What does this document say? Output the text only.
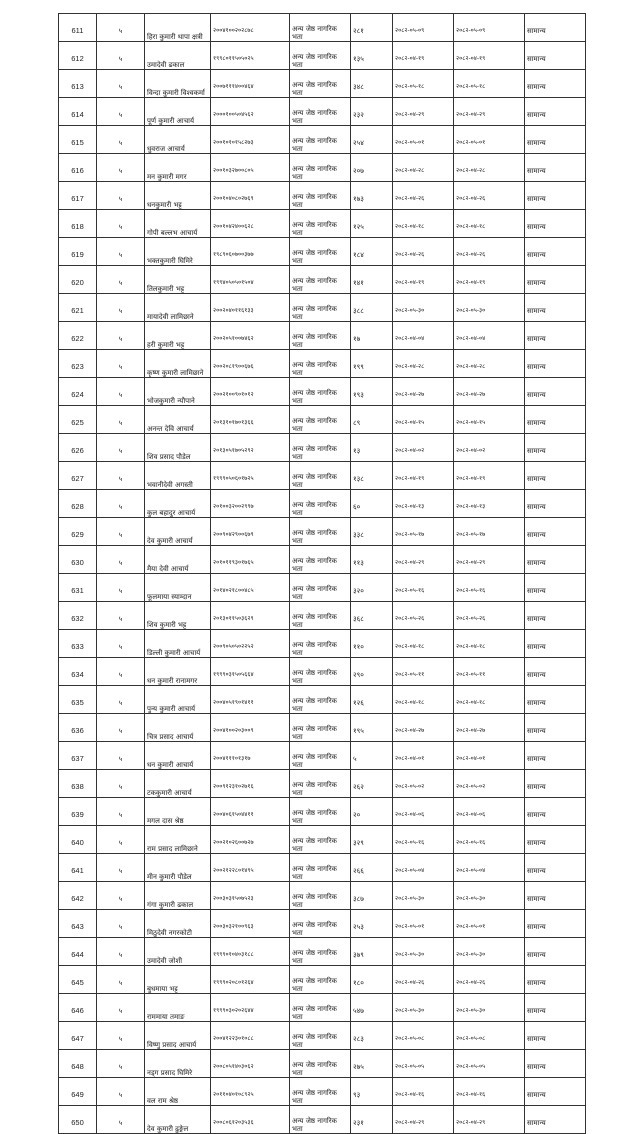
611	५	हिरा कुमारी थापा क्षत्री	२००४१००२०२८७८	अन्य जेष्ठ नागरिक भता	२८१	२०८२-०५-०९	२०८२-०५-०९	सामान्य
612	५	उमादेवी ढकाल	१९९८०११५०५०२५	अन्य जेष्ठ नागरिक भता	१३५	२०८२-०४-१९	२०८२-०४-१९	सामान्य
613	५	विन्दा कुमारी विश्वकर्मा	२००७१११४००४६४	अन्य जेष्ठ नागरिक भता	३४८	२०८२-०५-१८	२०८२-०५-१८	सामान्य
614	५	पूर्ण कुमारी आचार्य	२०००१००५०४५६२	अन्य जेष्ठ नागरिक भता	२३२	२०८२-०४-२९	२०८२-०४-२९	सामान्य
615	५	धुवराज आचार्य	२००१०१०१५८२७३	अन्य जेष्ठ नागरिक भता	२५४	२०८२-०५-०१	२०८२-०५-०१	सामान्य
616	५	मन कुमारी मगर	२००१०३२७००८०५	अन्य जेष्ठ नागरिक भता	२०७	२०८२-०४-२८	२०८२-०४-२८	सामान्य
617	५	धनकुमारी भट्ट	२००१०४०८०२७६९	अन्य जेष्ठ नागरिक भता	१७३	२०८२-०४-२६	२०८२-०४-२६	सामान्य
618	५	गोपी बल्लभ आचार्य	२००१०४२४००६२८	अन्य जेष्ठ नागरिक भता	१२५	२०८२-०४-१८	२०८२-०४-१८	सामान्य
619	५	भक्तकुमारी घिमिरे	१९८९०६०७००३७७	अन्य जेष्ठ नागरिक भता	१८४	२०८२-०४-२६	२०८२-०४-२६	सामान्य
620	५	तिलकुमारी भट्ट	१९९४०५०५०१५०४	अन्य जेष्ठ नागरिक भता	१४१	२०८२-०४-१९	२०८२-०४-१९	सामान्य
621	५	मायादेवी लामिछाने	२००२०४०११६१३३	अन्य जेष्ठ नागरिक भता	३८८	२०८२-०५-३०	२०८२-०५-३०	सामान्य
622	५	हरी कुमारी भट्ट	२००२०५१००७४६२	अन्य जेष्ठ नागरिक भता	१७	२०८२-०४-०४	२०८२-०४-०४	सामान्य
623	५	कृष्ण कुमारी लामिछाने	२००२०८१९००६७६	अन्य जेष्ठ नागरिक भता	१९९	२०८२-०४-२८	२०८२-०४-२८	सामान्य
624	५	भोजकुमारी न्यौपाने	२००२१००९०१०१२	अन्य जेष्ठ नागरिक भता	१९३	२०८२-०४-२७	२०८२-०४-२७	सामान्य
625	५	अनन्त देवि आचार्य	२०१३१०१७०१३६६	अन्य जेष्ठ नागरिक भता	८९	२०८२-०४-१५	२०८२-०४-१५	सामान्य
626	५	शिव प्रसाद पौडेल	२०१३०५१७०५२९२	अन्य जेष्ठ नागरिक भता	१३	२०८२-०४-०२	२०८२-०४-०२	सामान्य
627	५	भवानीदेवी अगस्ती	१९९९०५०६०१७२५	अन्य जेष्ठ नागरिक भता	१३८	२०८२-०४-१९	२०८२-०४-१९	सामान्य
628	५	कुल बहादुर आचार्य	२०१००३२००२९९७	अन्य जेष्ठ नागरिक भता	६०	२०८२-०४-१३	२०८२-०४-१३	सामान्य
629	५	देव कुमारी आचार्य	२००९०४२९००६७९	अन्य जेष्ठ नागरिक भता	३३८	२०८२-०५-१७	२०८२-०५-१७	सामान्य
630	५	मैया देवी आचार्य	२०१०११९३०१७६५	अन्य जेष्ठ नागरिक भता	११३	२०८२-०४-२९	२०८२-०४-२९	सामान्य
631	५	फूलमाया स्याम्दान	२०१४०२१८००४८५	अन्य जेष्ठ नागरिक भता	३२०	२०८२-०५-१६	२०८२-०५-१६	सामान्य
632	५	शिव कुमारी भट्ट	२०१३०११५०३६२९	अन्य जेष्ठ नागरिक भता	३६८	२०८२-०५-२६	२०८२-०५-२६	सामान्य
633	५	डिल्ली कुमारी आचार्य	२००९०५०५०२२५२	अन्य जेष्ठ नागरिक भता	११०	२०८२-०४-१८	२०८२-०४-१८	सामान्य
634	५	धन कुमारी रानामगर	१९९९०३१५०५६६४	अन्य जेष्ठ नागरिक भता	२९०	२०८२-०५-११	२०८२-०५-११	सामान्य
635	५	पुन्य कुमारी आचार्य	२००४०५१९०१४११	अन्य जेष्ठ नागरिक भता	१२६	२०८२-०४-१८	२०८२-०४-१८	सामान्य
636	५	चित्र प्रसाद आचार्य	२००४१००२०३००९	अन्य जेष्ठ नागरिक भता	१९५	२०८२-०४-२७	२०८२-०४-२७	सामान्य
637	५	धन कुमारी आचार्य	२००४१११०१३१७	अन्य जेष्ठ नागरिक भता	५	२०८२-०४-०१	२०८२-०४-०१	सामान्य
638	५	टककुमारी आचार्य	२००९१२३१०२७१६	अन्य जेष्ठ नागरिक भता	२६२	२०८२-०५-०२	२०८२-०५-०२	सामान्य
639	५	मगल दास श्रेष्ठ	२००४०६१५०४४११	अन्य जेष्ठ नागरिक भता	२०	२०८२-०४-०६	२०८२-०४-०६	सामान्य
640	५	राम प्रसाद लामिछाने	२००२१०२६००७२७	अन्य जेष्ठ नागरिक भता	३२९	२०८२-०५-१६	२०८२-०५-१६	सामान्य
641	५	मीन कुमारी पौडेल	२००२१२२८०१४९५	अन्य जेष्ठ नागरिक भता	२६६	२०८२-०५-०४	२०८२-०५-०४	सामान्य
642	५	गंगा कुमारी ढकाल	२००३०३१५०७५२३	अन्य जेष्ठ नागरिक भता	३८७	२०८२-०५-३०	२०८२-०५-३०	सामान्य
643	५	मिठुदेवी नगरकोटी	२००३०३२१००९६३	अन्य जेष्ठ नागरिक भता	२५३	२०८२-०५-०१	२०८२-०५-०१	सामान्य
644	५	उमादेवी जोशी	१९९९०१०४०३१८८	अन्य जेष्ठ नागरिक भता	३७९	२०८२-०५-३०	२०८२-०५-३०	सामान्य
645	५	बुधमाया भट्ट	१९९९०२०८०१२६४	अन्य जेष्ठ नागरिक भता	१८०	२०८२-०४-२६	२०८२-०४-२६	सामान्य
646	५	राममाया तमाङ	१९९९०३०२०२६४४	अन्य जेष्ठ नागरिक भता	५४७	२०८२-०५-३०	२०८२-०५-३०	सामान्य
647	५	विष्णु प्रसाद आचार्य	२००४१२२३०१०८८	अन्य जेष्ठ नागरिक भता	२८३	२०८२-०५-०८	२०८२-०५-०८	सामान्य
648	५	नड्ग प्रसाद घिमिरे	२००८०५१४०३०६२	अन्य जेष्ठ नागरिक भता	२७५	२०८२-०५-०५	२०८२-०५-०५	सामान्य
649	५	वल राम श्रेष्ठ	२०११०४०१०८९२५	अन्य जेष्ठ नागरिक भता	९३	२०८२-०४-१६	२०८२-०४-१६	सामान्य
650	५	देव कुमारी ढुङ्गेल	२००८०६१२०३५३६	अन्य जेष्ठ नागरिक भता	२३१	२०८२-०४-२९	२०८२-०४-२९	सामान्य
